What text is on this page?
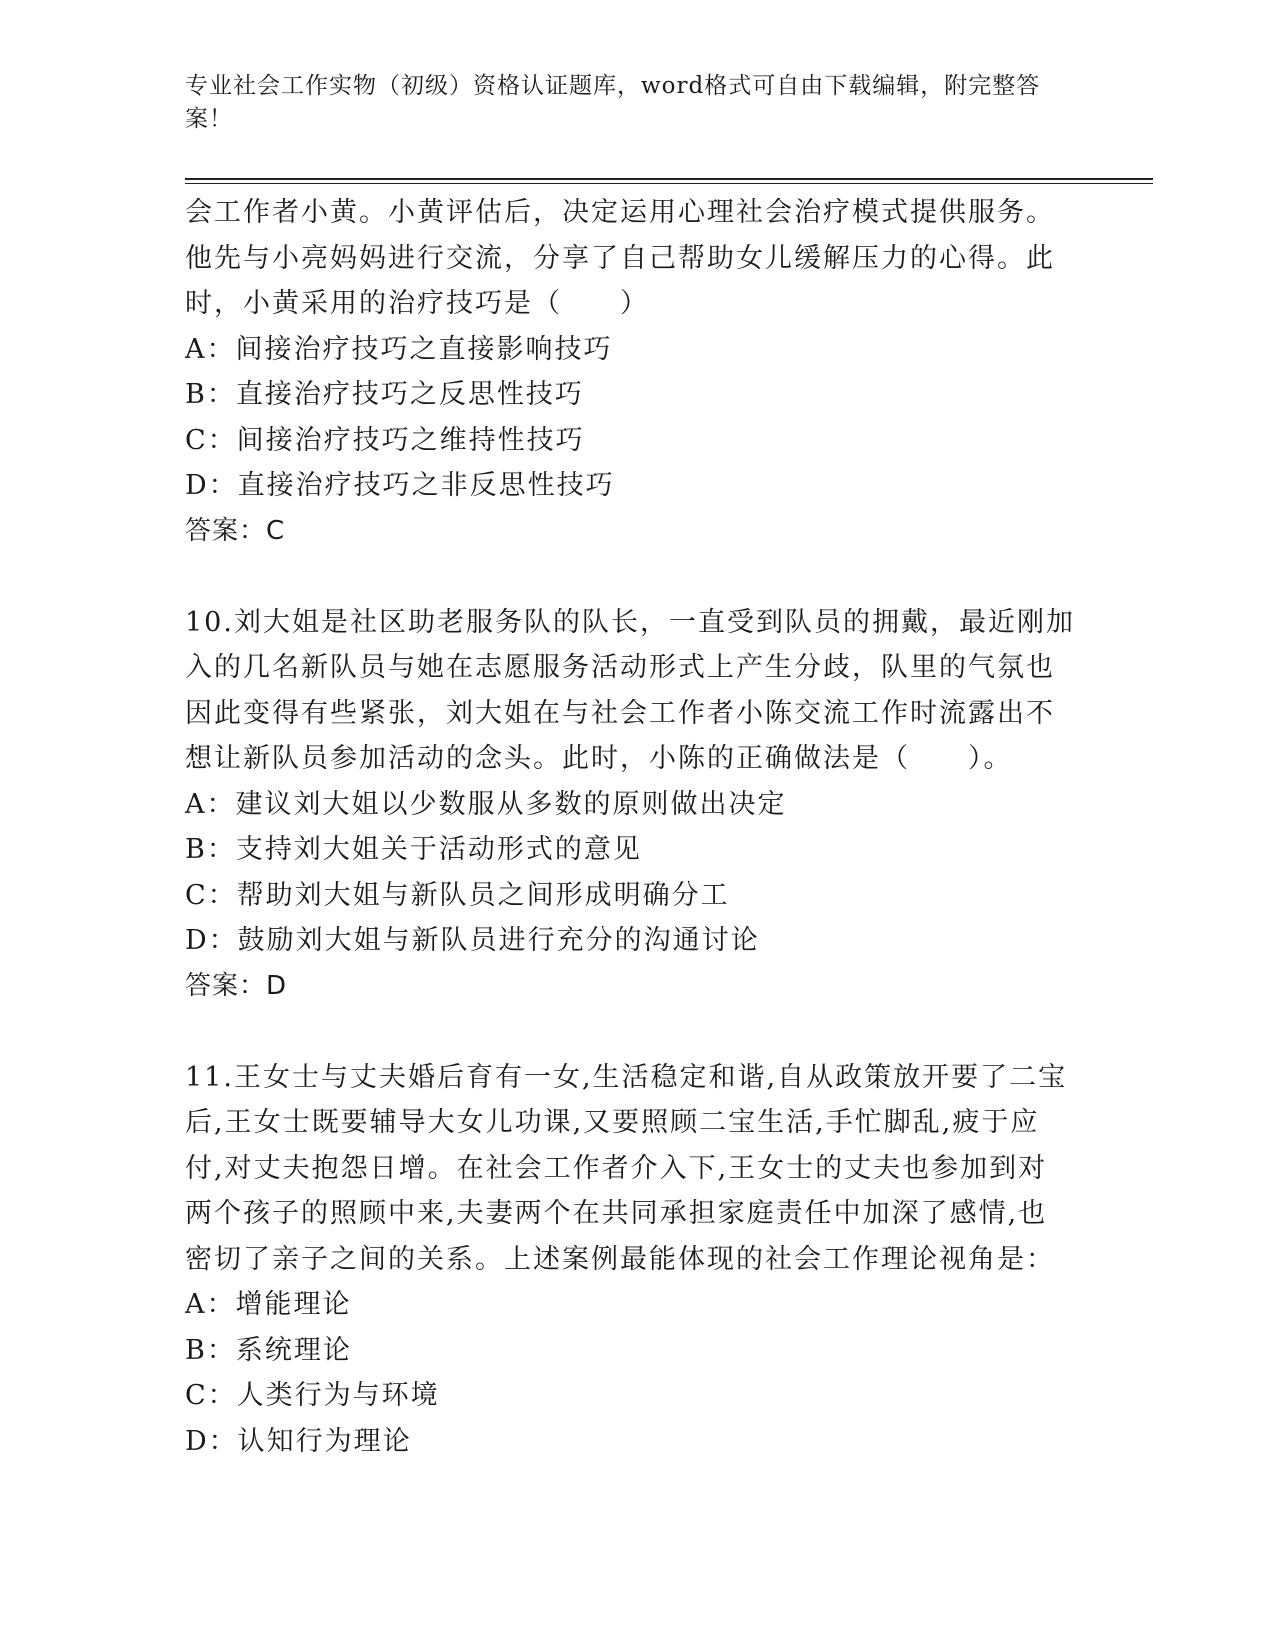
专业社会工作实物（初级）资格认证题库，word格式可自由下载编辑，附完整答
案！

会工作者小黄。小黄评估后，决定运用心理社会治疗模式提供服务。

他先与小亮妈妈进行交流，分享了自己帮助女儿缓解压力的心得。此

时，小黄采用的治疗技巧是（　　）

A：间接治疗技巧之直接影响技巧

B：直接治疗技巧之反思性技巧

C：间接治疗技巧之维持性技巧

D：直接治疗技巧之非反思性技巧

答案：C

10.刘大姐是社区助老服务队的队长，一直受到队员的拥戴，最近刚加

入的几名新队员与她在志愿服务活动形式上产生分歧，队里的气氛也

因此变得有些紧张，刘大姐在与社会工作者小陈交流工作时流露出不

想让新队员参加活动的念头。此时，小陈的正确做法是（　　）。

A：建议刘大姐以少数服从多数的原则做出决定

B：支持刘大姐关于活动形式的意见

C：帮助刘大姐与新队员之间形成明确分工

D：鼓励刘大姐与新队员进行充分的沟通讨论

答案：D

11.王女士与丈夫婚后育有一女,生活稳定和谐,自从政策放开要了二宝

后,王女士既要辅导大女儿功课,又要照顾二宝生活,手忙脚乱,疲于应

付,对丈夫抱怨日增。在社会工作者介入下,王女士的丈夫也参加到对

两个孩子的照顾中来,夫妻两个在共同承担家庭责任中加深了感情,也

密切了亲子之间的关系。上述案例最能体现的社会工作理论视角是：

A：增能理论

B：系统理论

C：人类行为与环境

D：认知行为理论
